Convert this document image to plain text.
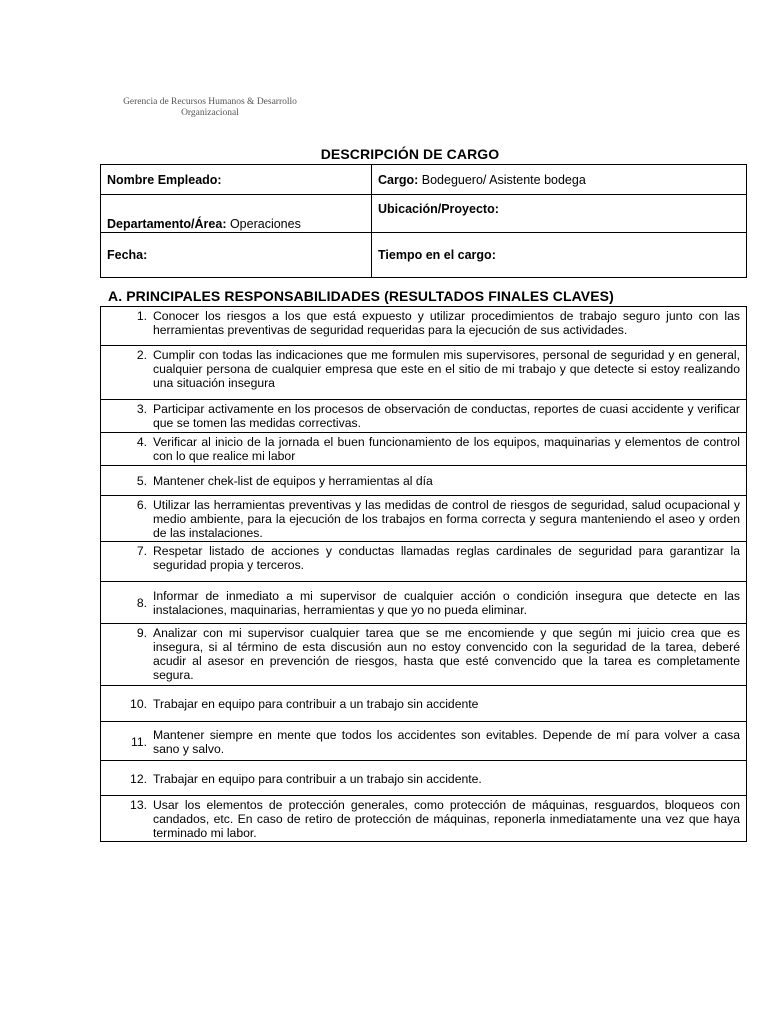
Gerencia de Recursos Humanos & Desarrollo
Organizacional
DESCRIPCIÓN DE CARGO
Nombre Empleado:	Cargo: Bodeguero/ Asistente bodega
Departamento/Área: Operaciones	Ubicación/Proyecto:
Fecha:	Tiempo en el cargo:
A. PRINCIPALES RESPONSABILIDADES (RESULTADOS FINALES CLAVES)
1.	Conocer los riesgos a los que está expuesto y utilizar procedimientos de trabajo seguro junto con las herramientas preventivas de seguridad requeridas para la ejecución de sus actividades.
2.	Cumplir con todas las indicaciones que me formulen mis supervisores, personal de seguridad y en general, cualquier persona de cualquier empresa que este en el sitio de mi trabajo y que detecte si estoy realizando una situación insegura
3.	Participar activamente en los procesos de observación de conductas, reportes de cuasi accidente y verificar que se tomen las medidas correctivas.
4.	Verificar al inicio de la jornada el buen funcionamiento de los equipos, maquinarias y elementos de control con lo que realice mi labor
5.	Mantener chek-list de equipos y herramientas al día
6.	Utilizar las herramientas preventivas y las medidas de control de riesgos de seguridad, salud ocupacional y medio ambiente, para la ejecución de los trabajos en forma correcta y segura manteniendo el aseo y orden de las instalaciones.
7.	Respetar listado de acciones y conductas llamadas reglas cardinales de seguridad para garantizar la seguridad propia y terceros.
8.	Informar de inmediato a mi supervisor de cualquier acción o condición insegura que detecte en las instalaciones, maquinarias, herramientas y que yo no pueda eliminar.
9.	Analizar con mi supervisor cualquier tarea que se me encomiende y que según mi juicio crea que es insegura, si al término de esta discusión aun no estoy convencido con la seguridad de la tarea, deberé acudir al asesor en prevención de riesgos, hasta que esté convencido que la tarea es completamente segura.
10.	Trabajar en equipo para contribuir a un trabajo sin accidente
11.	Mantener siempre en mente que todos los accidentes son evitables. Depende de mí para volver a casa sano y salvo.
12.	Trabajar en equipo para contribuir a un trabajo sin accidente.
13.	Usar los elementos de protección generales, como protección de máquinas, resguardos, bloqueos con candados, etc. En caso de retiro de protección de máquinas, reponerla inmediatamente una vez que haya terminado mi labor.
